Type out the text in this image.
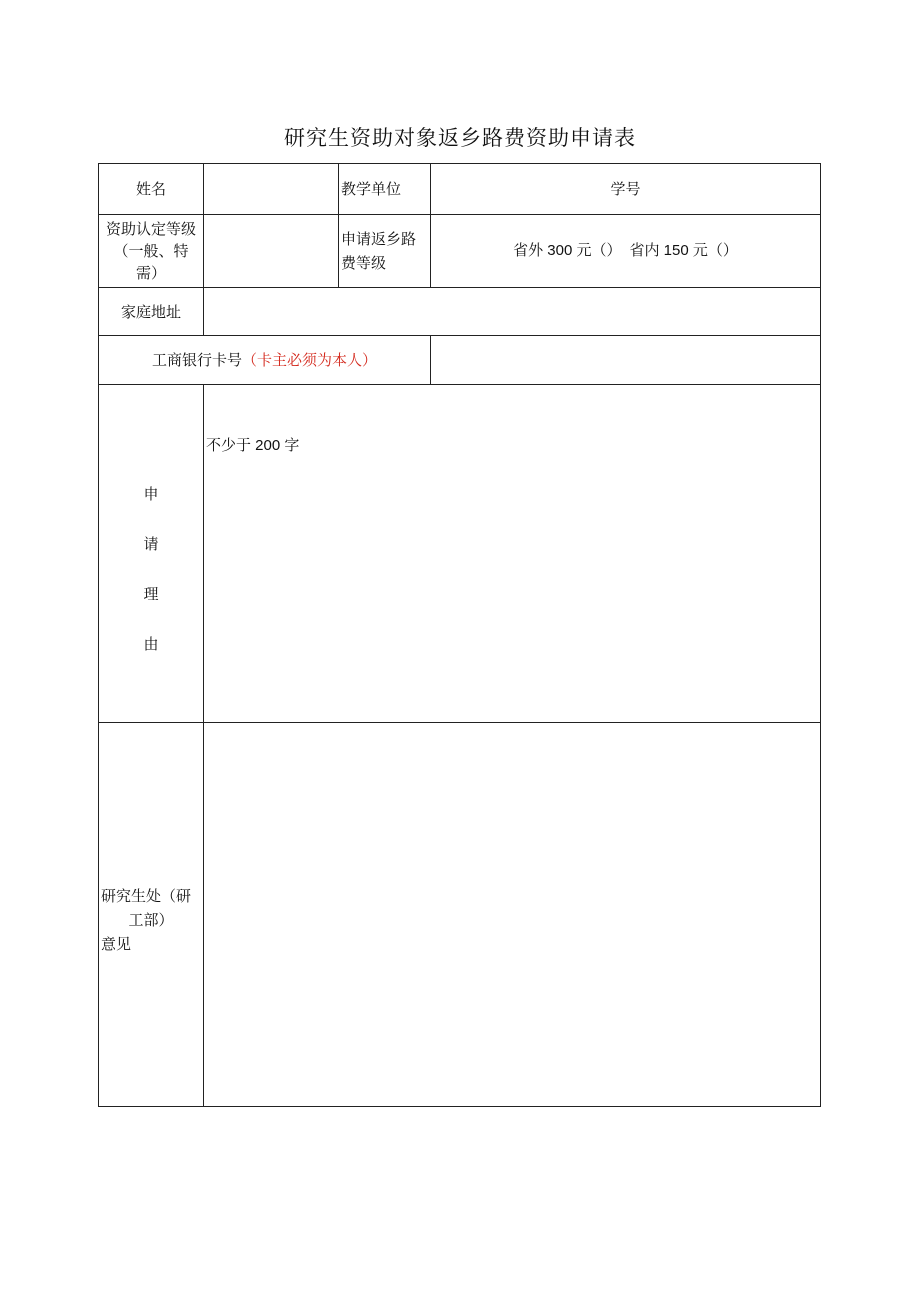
研究生资助对象返乡路费资助申请表
姓名	教学单位	学号
资助认定等级
（一般、特
需）
申请返乡路
费等级
省外 300 元（） 省内 150 元（）
家庭地址
工商银行卡号 （卡主必须为本人）
申
请
理
由
不少于 200 字
研究生处（研
工部）
意见
